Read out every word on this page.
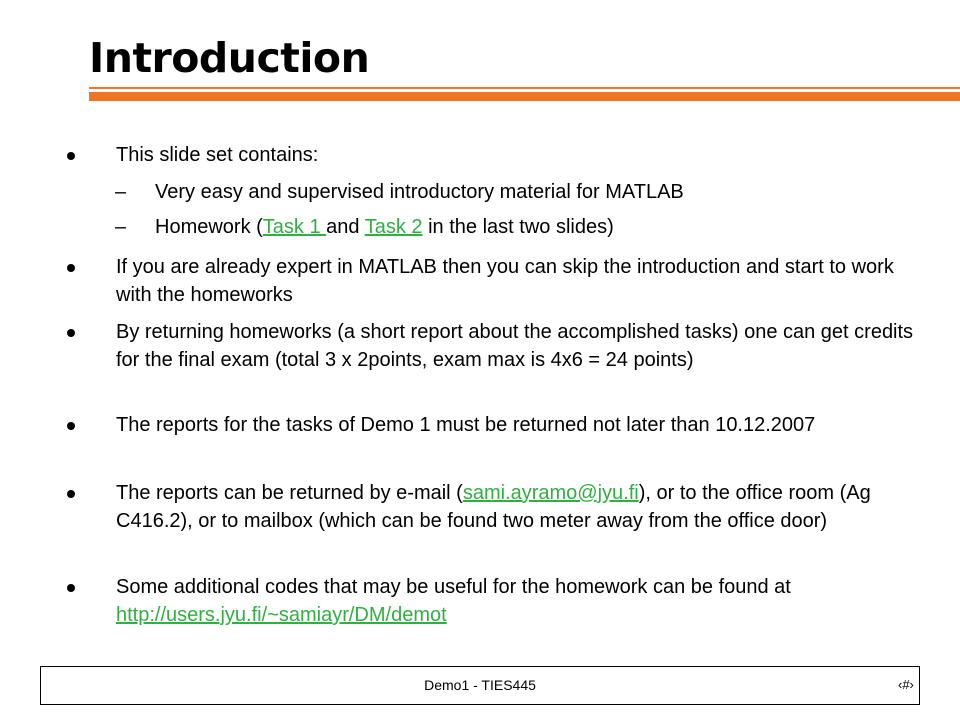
Introduction

This slide set contains:

– Very easy and supervised introductory material for MATLAB

– Homework (Task 1 and Task 2 in the last two slides)

If you are already expert in MATLAB then you can skip the introduction and start to work with the homeworks

By returning homeworks (a short report about the accomplished tasks) one can get credits for the final exam (total 3 x 2points, exam max is 4x6 = 24 points)

The reports for the tasks of Demo 1 must be returned not later than 10.12.2007

The reports can be returned by e-mail (sami.ayramo@jyu.fi), or to the office room (Ag C416.2), or to mailbox (which can be found two meter away from the office door)

Some additional codes that may be useful for the homework can be found at http://users.jyu.fi/~samiayr/DM/demot

Demo1 - TIES445	‹#›
